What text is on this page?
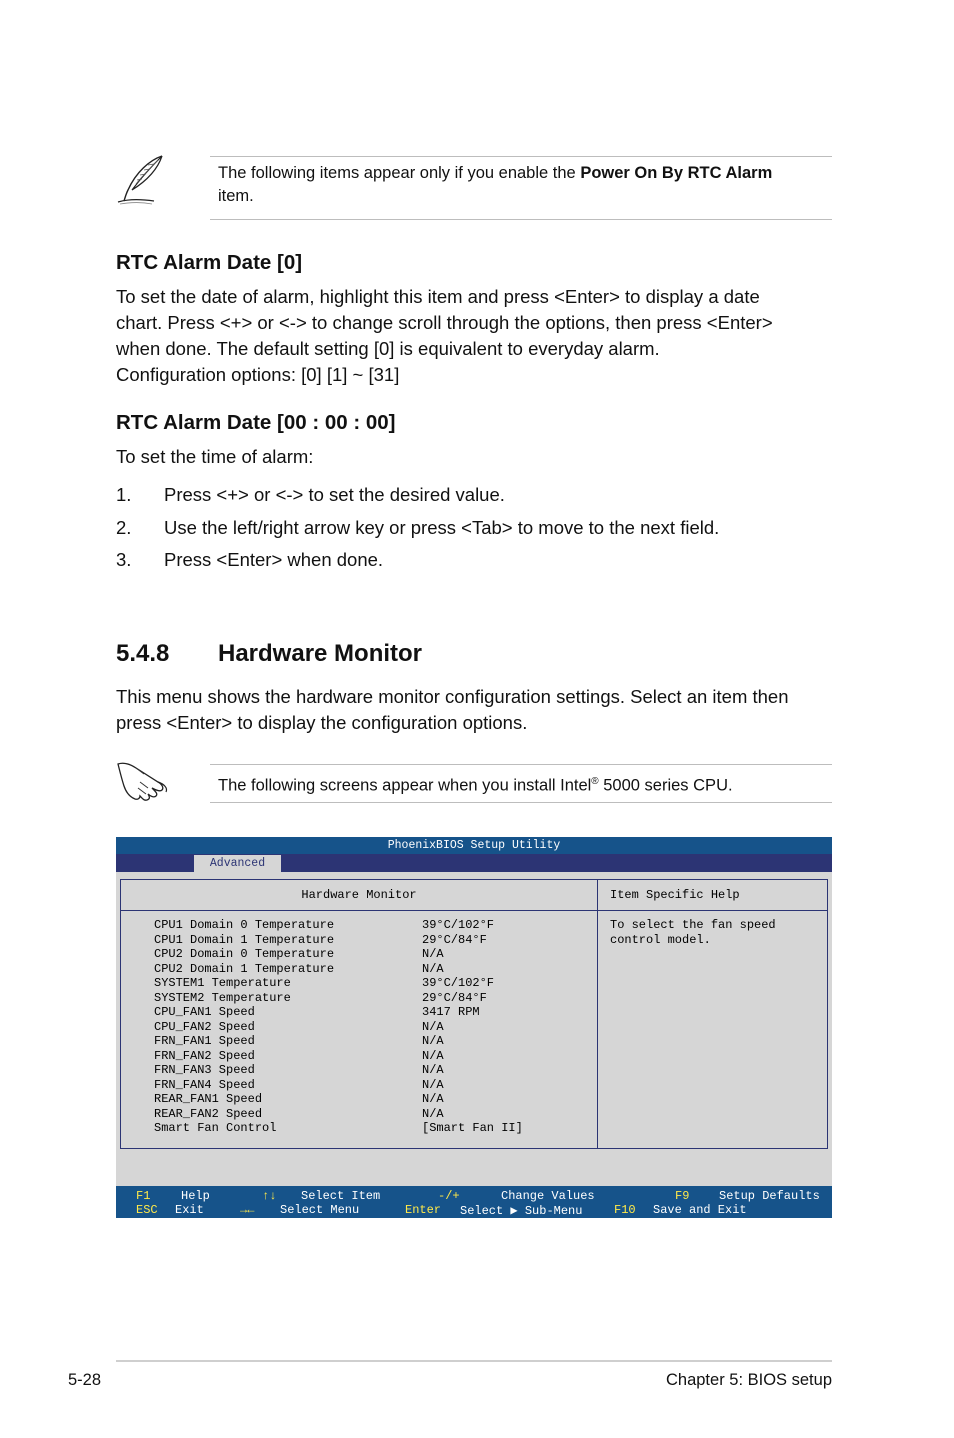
The following items appear only if you enable the Power On By RTC Alarm
item.
RTC Alarm Date [0]
To set the date of alarm, highlight this item and press <Enter> to display a date
chart. Press <+> or <-> to change scroll through the options, then press <Enter>
when done. The default setting [0] is equivalent to everyday alarm.
Configuration options: [0] [1] ~ [31]
RTC Alarm Date [00 : 00 : 00]
To set the time of alarm:
1. Press <+> or <-> to set the desired value.
2. Use the left/right arrow key or press <Tab> to move to the next field.
3. Press <Enter> when done.
5.4.8 Hardware Monitor
This menu shows the hardware monitor configuration settings. Select an item then
press <Enter> to display the configuration options.
The following screens appear when you install Intel® 5000 series CPU.
PhoenixBIOS Setup Utility
Advanced
Hardware Monitor	Item Specific Help
CPU1 Domain 0 Temperature	39°C/102°F
CPU1 Domain 1 Temperature	29°C/84°F
CPU2 Domain 0 Temperature	N/A
CPU2 Domain 1 Temperature	N/A
SYSTEM1 Temperature	39°C/102°F
SYSTEM2 Temperature	29°C/84°F
CPU_FAN1 Speed	3417 RPM
CPU_FAN2 Speed	N/A
FRN_FAN1 Speed	N/A
FRN_FAN2 Speed	N/A
FRN_FAN3 Speed	N/A
FRN_FAN4 Speed	N/A
REAR_FAN1 Speed	N/A
REAR_FAN2 Speed	N/A
Smart Fan Control	[Smart Fan II]
To select the fan speed
control model.
F1	Help	↑↓ Select Item	-/+	Change Values	F9 Setup Defaults
ESC Exit	→← Select Menu	Enter Select ▶ Sub-Menu	F10 Save and Exit
5-28	Chapter 5: BIOS setup
